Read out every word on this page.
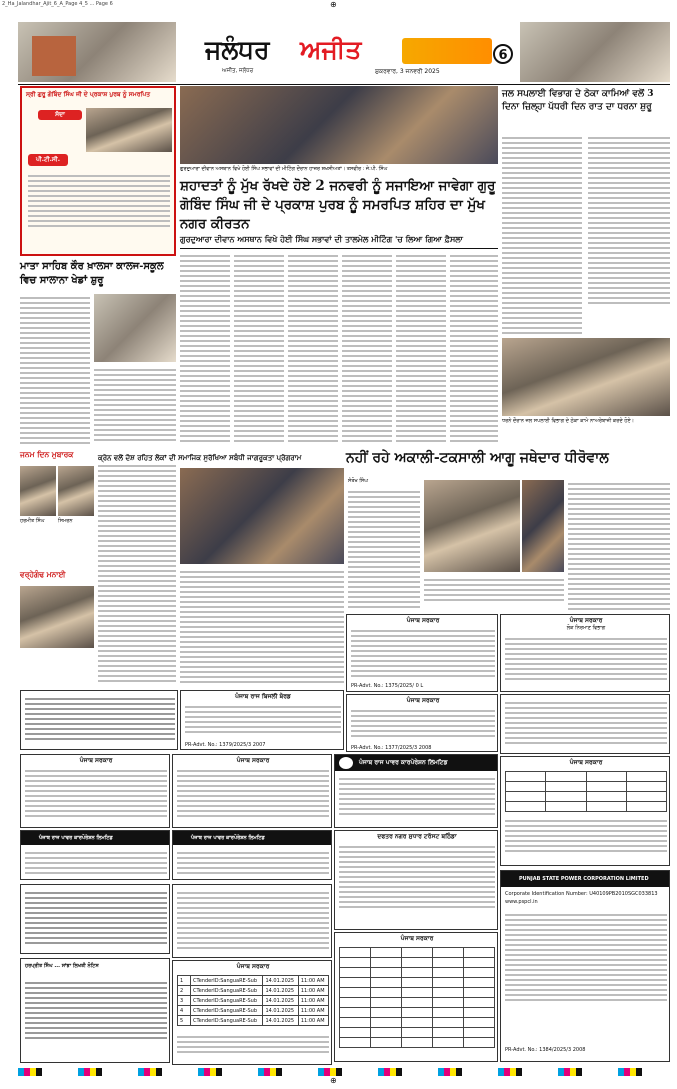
2_Ha_Jalandhar_Ajit_6_A_Page 4_5 ... Page 6	⊕
ਜਲੰਧਰ	ਅਜੀਤ
ਅਜੀਤ, ਜਲੰਧਰ	ਸ਼ੁਕਰਵਾਰ, 3 ਜਨਵਰੀ 2025
6
ਸ੍ਰੀ ਗੁਰੂ ਗੋਬਿੰਦ ਸਿੰਘ ਜੀ ਦੇ ਪ੍ਰਕਾਸ਼ ਪੁਰਬ ਨੂੰ ਸਮਰਪਿਤ
ਸੱਦਾ
ਪੀ.ਟੀ.ਸੀ.
ਗੁਰਦੁਆਰਾ ਦੀਵਾਨ ਅਸਥਾਨ ਵਿਖੇ ਹੋਈ ਸਿੰਘ ਸਭਾਵਾਂ ਦੀ ਮੀਟਿੰਗ ਦੌਰਾਨ ਹਾਜ਼ਰ ਸ਼ਖਸੀਅਤਾਂ। ਤਸਵੀਰ : ਜੇ.ਪੀ. ਸਿੰਘ
ਸ਼ਹਾਦਤਾਂ ਨੂੰ ਮੁੱਖ ਰੱਖਦੇ ਹੋਏ 2 ਜਨਵਰੀ ਨੂੰ ਸਜਾਇਆ ਜਾਵੇਗਾ ਗੁਰੂ ਗੋਬਿੰਦ ਸਿੰਘ ਜੀ ਦੇ ਪ੍ਰਕਾਸ਼ ਪੁਰਬ ਨੂੰ ਸਮਰਪਿਤ ਸ਼ਹਿਰ ਦਾ ਮੁੱਖ ਨਗਰ ਕੀਰਤਨ
ਗੁਰਦੁਆਰਾ ਦੀਵਾਨ ਅਸਥਾਨ ਵਿਖੇ ਹੋਈ ਸਿੰਘ ਸਭਾਵਾਂ ਦੀ ਤਾਲਮੇਲ ਮੀਟਿੰਗ 'ਚ ਲਿਆ ਗਿਆ ਫ਼ੈਸਲਾ
ਜਲ ਸਪਲਾਈ ਵਿਭਾਗ ਦੇ ਠੇਕਾ ਕਾਮਿਆਂ ਵਲੋਂ 3 ਦਿਨਾ ਜ਼ਿਲ੍ਹਾ ਪੱਧਰੀ ਦਿਨ ਰਾਤ ਦਾ ਧਰਨਾ ਸ਼ੁਰੂ
ਧਰਨੇ ਦੌਰਾਨ ਜਲ ਸਪਲਾਈ ਵਿਭਾਗ ਦੇ ਠੇਕਾ ਕਾਮੇ ਨਾਅਰੇਬਾਜ਼ੀ ਕਰਦੇ ਹੋਏ।
ਮਾਤਾ ਸਾਹਿਬ ਕੌਰ ਖ਼ਾਲਸਾ ਕਾਲਜ-ਸਕੂਲ ਵਿਚ ਸਾਲਾਨਾ ਖੇਡਾਂ ਸ਼ੁਰੂ
ਜਨਮ ਦਿਨ ਮੁਬਾਰਕ
ਹਰਮੀਤ ਸਿੰਘ	ਸਿਮਰਨ
ਵਰ੍ਹੇਗੰਢ ਮਨਾਈ
ਕ੍ਰੇਨ ਵਲੋਂ ਦੋਸ਼ ਰਹਿਤ ਲੋਕਾਂ ਦੀ ਸਮਾਜਿਕ ਸੁਰੱਖਿਆ ਸਬੰਧੀ ਜਾਗਰੂਕਤਾ ਪ੍ਰੋਗਰਾਮ	ਨਹੀਂ ਰਹੇ ਅਕਾਲੀ-ਟਕਸਾਲੀ ਆਗੂ ਜਥੇਦਾਰ ਧੀਰੋਵਾਲ
ਸੰਤੋਖ ਸਿੰਘ
ਪੰਜਾਬ ਸਰਕਾਰ
PR-Advt. No.: 1375/2025/ 0 L
ਪੰਜਾਬ ਸਰਕਾਰ
ਲੋਕ ਨਿਰਮਾਣ ਵਿਭਾਗ
ਪੰਜਾਬ ਰਾਜ ਬਿਜਲੀ ਬੋਰਡ
PR-Advt. No.: 1379/2025/3 2007
ਪੰਜਾਬ ਸਰਕਾਰ
PR-Advt. No.: 1377/2025/3 2008
ਪੰਜਾਬ ਸਰਕਾਰ	ਪੰਜਾਬ ਸਰਕਾਰ	ਪੰਜਾਬ ਰਾਜ ਪਾਵਰ ਕਾਰਪੋਰੇਸ਼ਨ ਲਿਮਟਿਡ	ਪੰਜਾਬ ਸਰਕਾਰ

ਪੰਜਾਬ ਰਾਜ ਪਾਵਰ ਕਾਰਪੋਰੇਸ਼ਨ ਲਿਮਟਿਡ	ਪੰਜਾਬ ਰਾਜ ਪਾਵਰ ਕਾਰਪੋਰੇਸ਼ਨ ਲਿਮਟਿਡ	ਦਫਤਰ ਨਗਰ ਸੁਧਾਰ ਟਰੱਸਟ ਬਠਿੰਡਾ
ਹਰਪ੍ਰੀਤ ਸਿੰਘ ... ਸਾਂਝਾ ਲਿਖਤੀ ਨੋਟਿਸ	ਪੰਜਾਬ ਸਰਕਾਰ
1	CTenderID:SanguaRE-Sub	14.01.2025	11:00 AM
2	CTenderID:SanguaRE-Sub	14.01.2025	11:00 AM
3	CTenderID:SanguaRE-Sub	14.01.2025	11:00 AM
4	CTenderID:SanguaRE-Sub	14.01.2025	11:00 AM
5	CTenderID:SanguaRE-Sub	14.01.2025	11:00 AM
ਪੰਜਾਬ ਸਰਕਾਰ

PUNJAB STATE POWER CORPORATION LIMITED
Corporate Identification Number: U40109PB2010SGC033813
www.pspcl.in
PR-Advt. No.: 1384/2025/3 2008
⊕
